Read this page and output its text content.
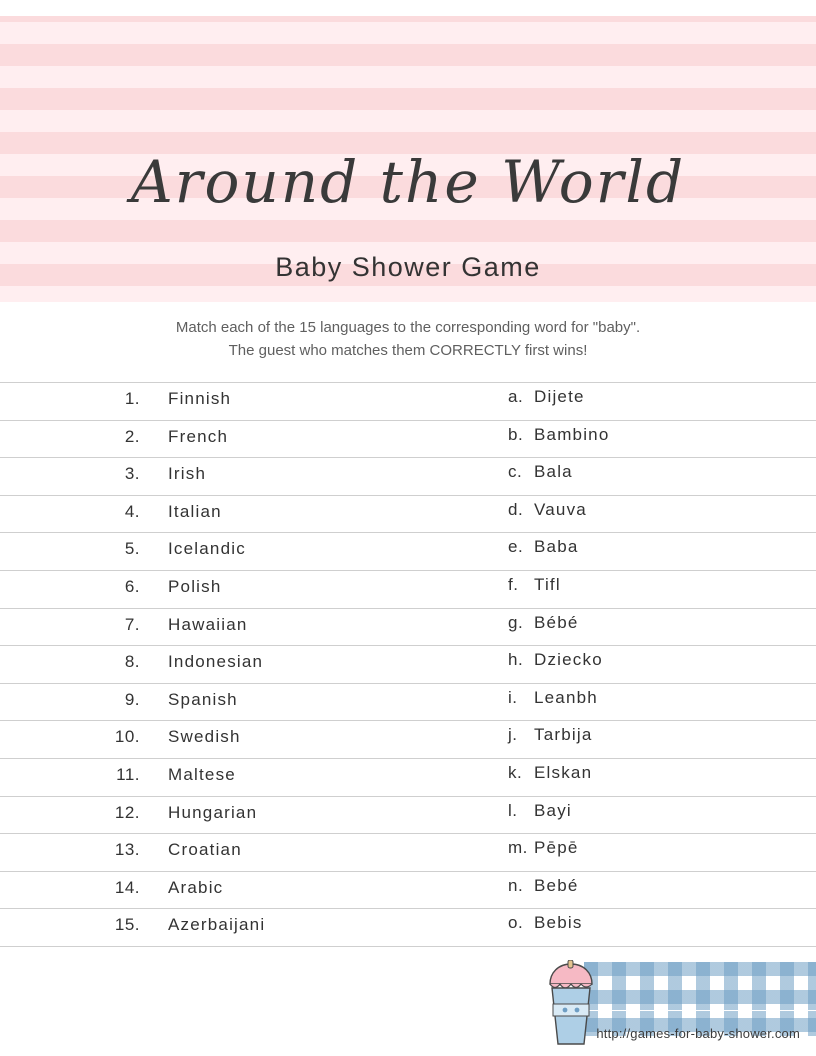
Around the World
Baby Shower Game
Match each of the 15 languages to the corresponding word for "baby".
The guest who matches them CORRECTLY first wins!
1. Finnish	a. Dijete
2. French	b. Bambino
3. Irish	c. Bala
4. Italian	d. Vauva
5. Icelandic	e. Baba
6. Polish	f. Tifl
7. Hawaiian	g. Bébé
8. Indonesian	h. Dziecko
9. Spanish	i. Leanbh
10. Swedish	j. Tarbija
11. Maltese	k. Elskan
12. Hungarian	l. Bayi
13. Croatian	m. Pēpē
14. Arabic	n. Bebé
15. Azerbaijani	o. Bebis
http://games-for-baby-shower.com
